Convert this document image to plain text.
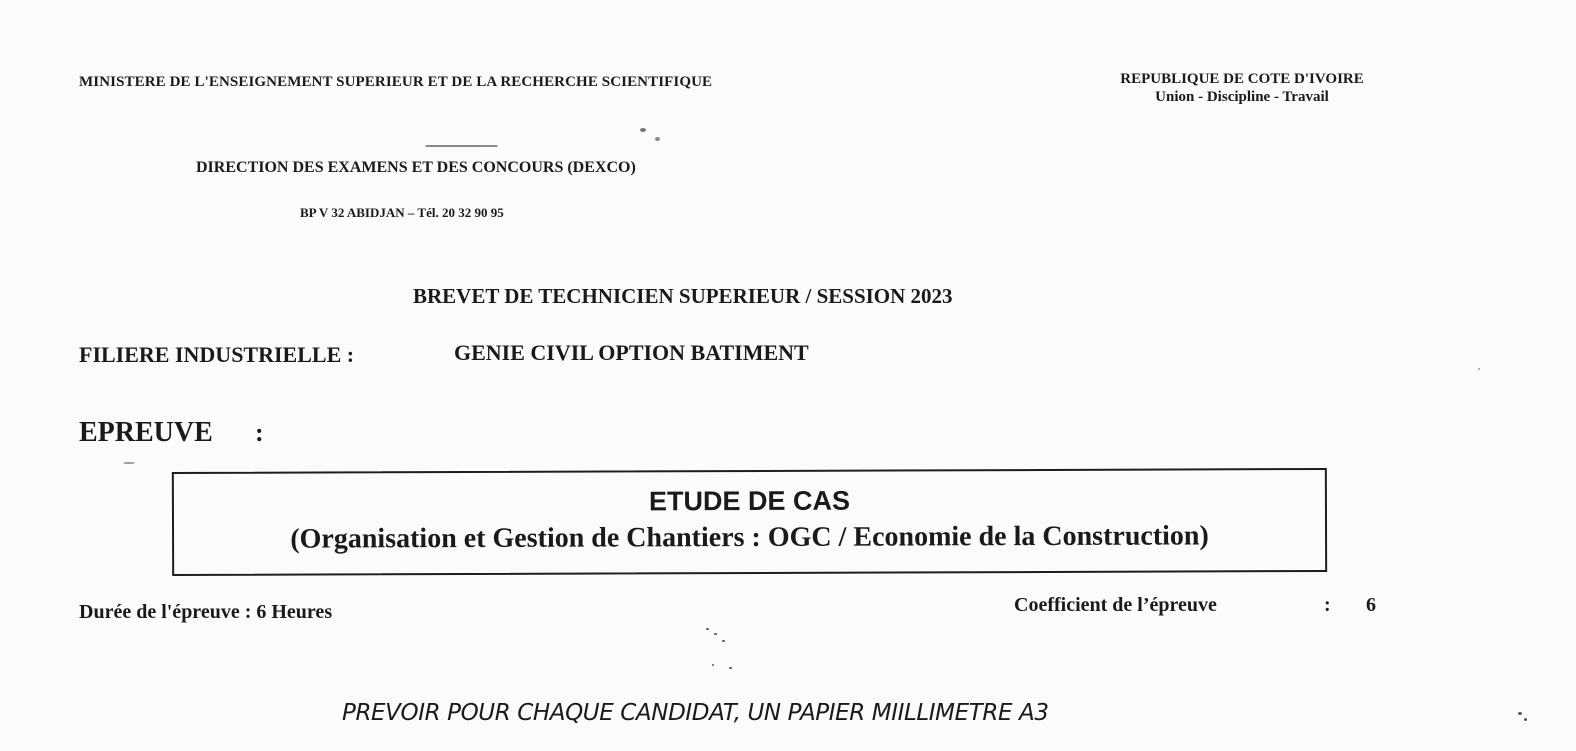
MINISTERE DE L'ENSEIGNEMENT SUPERIEUR ET DE LA RECHERCHE SCIENTIFIQUE	REPUBLIQUE DE COTE D'IVOIRE
Union - Discipline - Travail
------------------------
DIRECTION DES EXAMENS ET DES CONCOURS (DEXCO)
BP V 32 ABIDJAN – Tél. 20 32 90 95
BREVET DE TECHNICIEN SUPERIEUR / SESSION 2023
FILIERE INDUSTRIELLE :	GENIE CIVIL OPTION BATIMENT
EPREUVE :
ETUDE DE CAS
(Organisation et Gestion de Chantiers : OGC / Economie de la Construction)
Durée de l'épreuve : 6 Heures	Coefficient de l’épreuve	: 6
PREVOIR POUR CHAQUE CANDIDAT, UN PAPIER MIILLIMETRE A3
